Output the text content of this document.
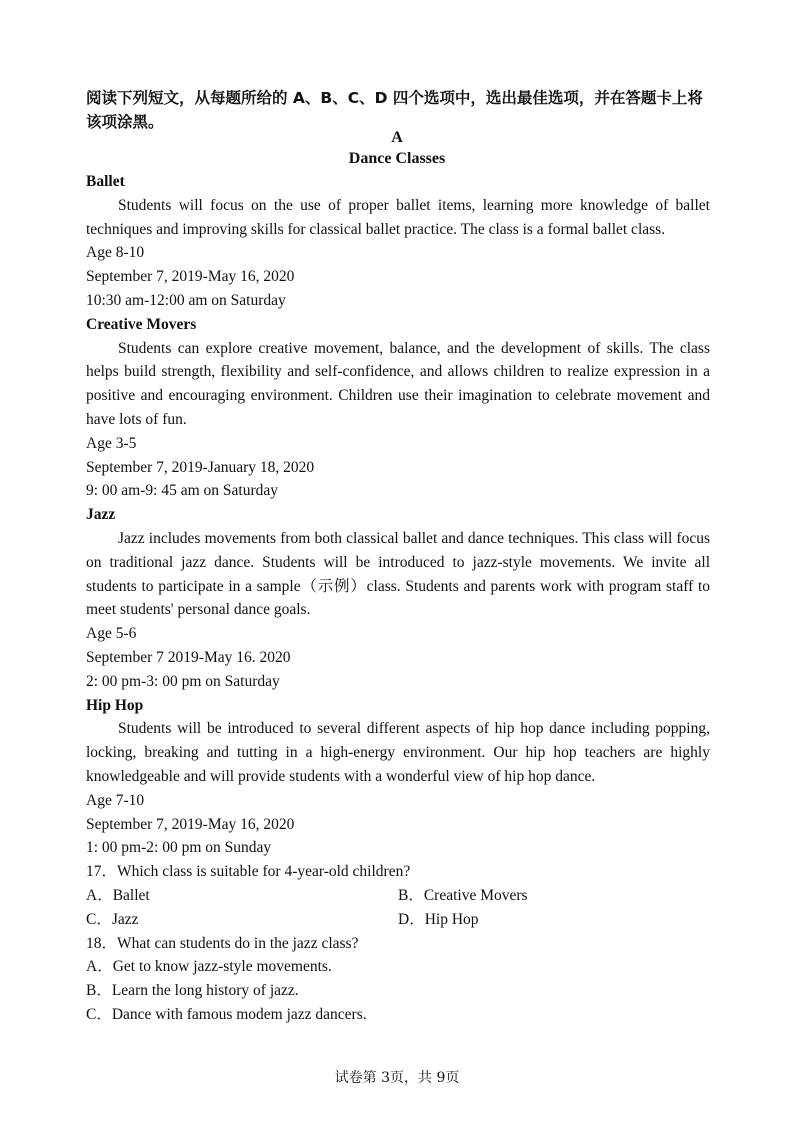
阅读下列短文，从每题所给的 A、B、C、D 四个选项中，选出最佳选项，并在答题卡上将该项涂黑。
A
Dance Classes

Ballet

Students will focus on the use of proper ballet items, learning more knowledge of ballet techniques and improving skills for classical ballet practice. The class is a formal ballet class.

Age 8-10

September 7, 2019-May 16, 2020

10:30 am-12:00 am on Saturday

Creative Movers

Students can explore creative movement, balance, and the development of skills. The class helps build strength, flexibility and self-confidence, and allows children to realize expression in a positive and encouraging environment. Children use their imagination to celebrate movement and have lots of fun.

Age 3-5

September 7, 2019-January 18, 2020

9: 00 am-9: 45 am on Saturday

Jazz

Jazz includes movements from both classical ballet and dance techniques. This class will focus on traditional jazz dance. Students will be introduced to jazz-style movements. We invite all students to participate in a sample（示例）class. Students and parents work with program staff to meet students' personal dance goals.

Age 5-6

September 7 2019-May 16. 2020

2: 00 pm-3: 00 pm on Saturday

Hip Hop

Students will be introduced to several different aspects of hip hop dance including popping, locking, breaking and tutting in a high-energy environment. Our hip hop teachers are highly knowledgeable and will provide students with a wonderful view of hip hop dance.

Age 7-10

September 7, 2019-May 16, 2020

1: 00 pm-2: 00 pm on Sunday

17．Which class is suitable for 4-year-old children?

A．Ballet	B．Creative Movers
C．Jazz	D．Hip Hop

18．What can students do in the jazz class?

A．Get to know jazz-style movements.

B．Learn the long history of jazz.

C．Dance with famous modem jazz dancers.

试卷第 3页，共 9页
